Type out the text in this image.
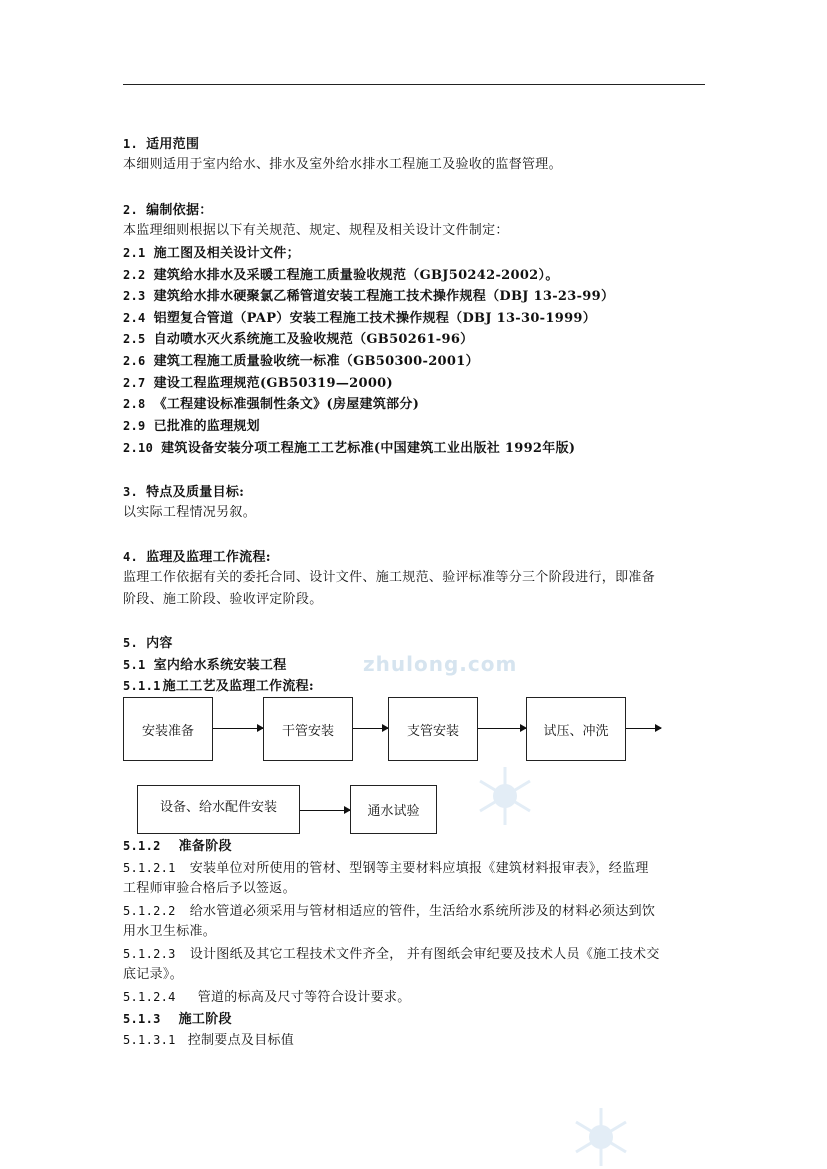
1. 适用范围
本细则适用于室内给水、排水及室外给水排水工程施工及验收的监督管理。
2. 编制依据：
本监理细则根据以下有关规范、规定、规程及相关设计文件制定：
2.1 施工图及相关设计文件；
2.2 建筑给水排水及采暖工程施工质量验收规范（GBJ50242-2002）。
2.3 建筑给水排水硬聚氯乙稀管道安装工程施工技术操作规程（DBJ 13-23-99）
2.4 铝塑复合管道（PAP）安装工程施工技术操作规程（DBJ 13-30-1999）
2.5 自动喷水灭火系统施工及验收规范（GB50261-96）
2.6 建筑工程施工质量验收统一标准（GB50300-2001）
2.7 建设工程监理规范(GB50319—2000)
2.8 《工程建设标准强制性条文》(房屋建筑部分)
2.9 已批准的监理规划
2.10 建筑设备安装分项工程施工工艺标准(中国建筑工业出版社 1992年版)
3. 特点及质量目标:
以实际工程情况另叙。
4. 监理及监理工作流程:
监理工作依据有关的委托合同、设计文件、施工规范、验评标准等分三个阶段进行，即准备
阶段、施工阶段、验收评定阶段。
5. 内容
5.1 室内给水系统安装工程
5.1.1 施工工艺及监理工作流程:
zhulong.com
安装准备	干管安装	支管安装	试压、冲洗
设备、给水配件安装	通水试验
5.1.2 准备阶段
5.1.2.1 安装单位对所使用的管材、型钢等主要材料应填报《建筑材料报审表》，经监理
工程师审验合格后予以签返。
5.1.2.2 给水管道必须采用与管材相适应的管件，生活给水系统所涉及的材料必须达到饮
用水卫生标准。
5.1.2.3 设计图纸及其它工程技术文件齐全， 并有图纸会审纪要及技术人员《施工技术交
底记录》。
5.1.2.4 管道的标高及尺寸等符合设计要求。
5.1.3 施工阶段
5.1.3.1 控制要点及目标值
